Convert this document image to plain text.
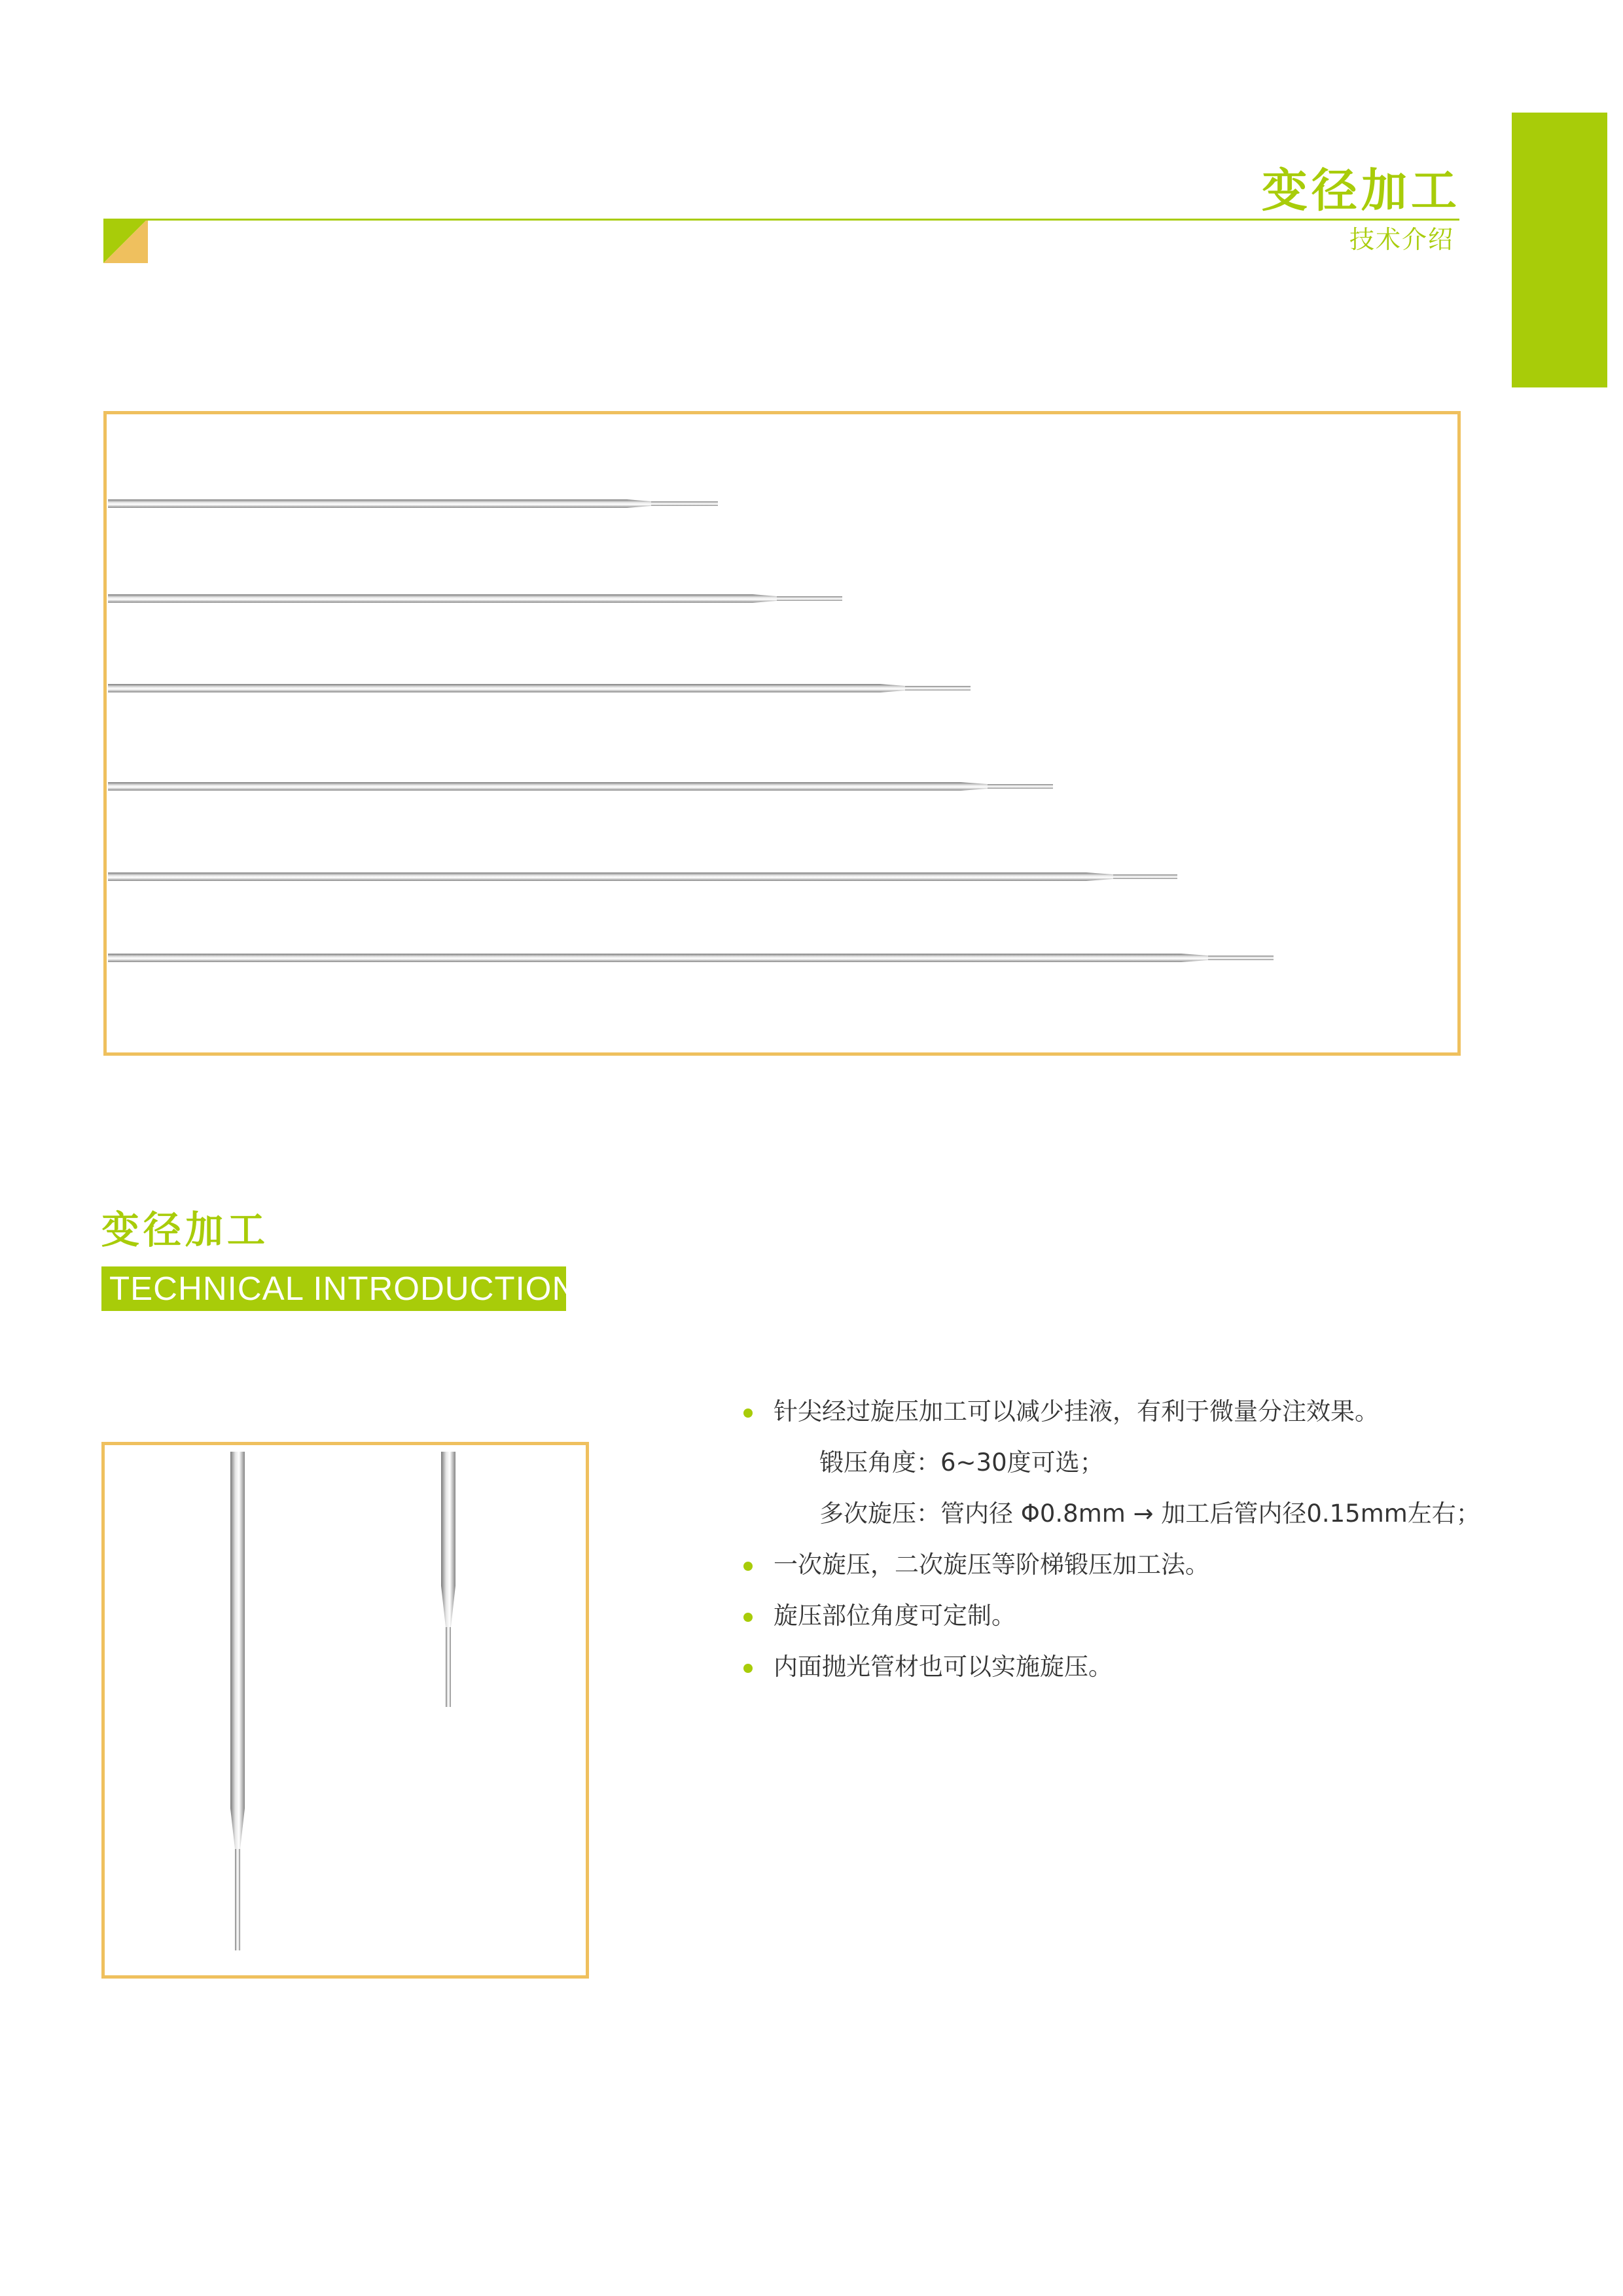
变径加工

技术介绍

变径加工
TECHNICAL INTRODUCTION
针尖经过旋压加工可以减少挂液，有利于微量分注效果。
锻压角度：6~30度可选；
多次旋压：管内径 Φ0.8mm → 加工后管内径0.15mm左右；
一次旋压，二次旋压等阶梯锻压加工法。
旋压部位角度可定制。
内面抛光管材也可以实施旋压。
